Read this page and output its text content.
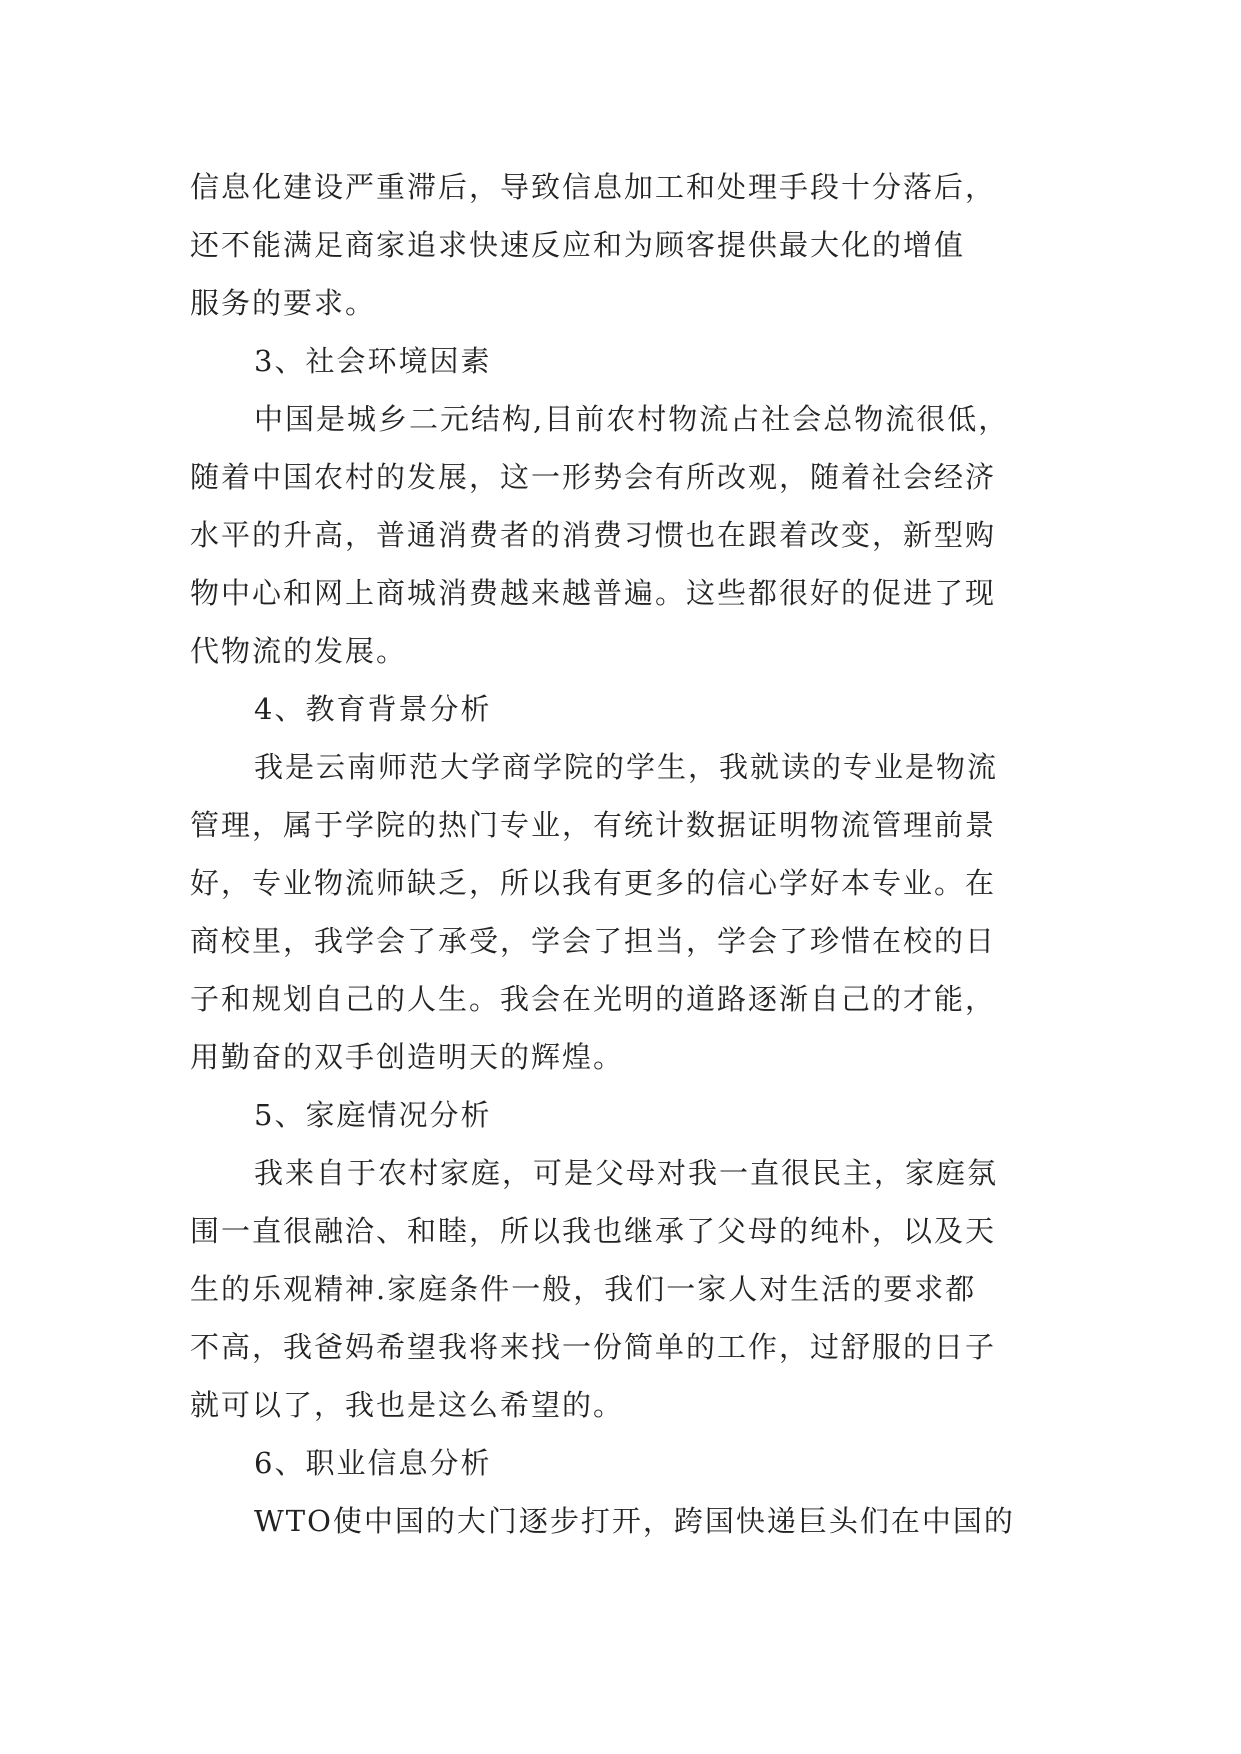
信息化建设严重滞后，导致信息加工和处理手段十分落后，
还不能满足商家追求快速反应和为顾客提供最大化的增值
服务的要求。
3、社会环境因素
中国是城乡二元结构,目前农村物流占社会总物流很低，
随着中国农村的发展，这一形势会有所改观，随着社会经济
水平的升高，普通消费者的消费习惯也在跟着改变，新型购
物中心和网上商城消费越来越普遍。这些都很好的促进了现
代物流的发展。
4、教育背景分析
我是云南师范大学商学院的学生，我就读的专业是物流
管理，属于学院的热门专业，有统计数据证明物流管理前景
好，专业物流师缺乏，所以我有更多的信心学好本专业。在
商校里，我学会了承受，学会了担当，学会了珍惜在校的日
子和规划自己的人生。我会在光明的道路逐渐自己的才能，
用勤奋的双手创造明天的辉煌。
5、家庭情况分析
我来自于农村家庭，可是父母对我一直很民主，家庭氛
围一直很融洽、和睦，所以我也继承了父母的纯朴，以及天
生的乐观精神.家庭条件一般，我们一家人对生活的要求都
不高，我爸妈希望我将来找一份简单的工作，过舒服的日子
就可以了，我也是这么希望的。
6、职业信息分析
WTO使中国的大门逐步打开，跨国快递巨头们在中国的
